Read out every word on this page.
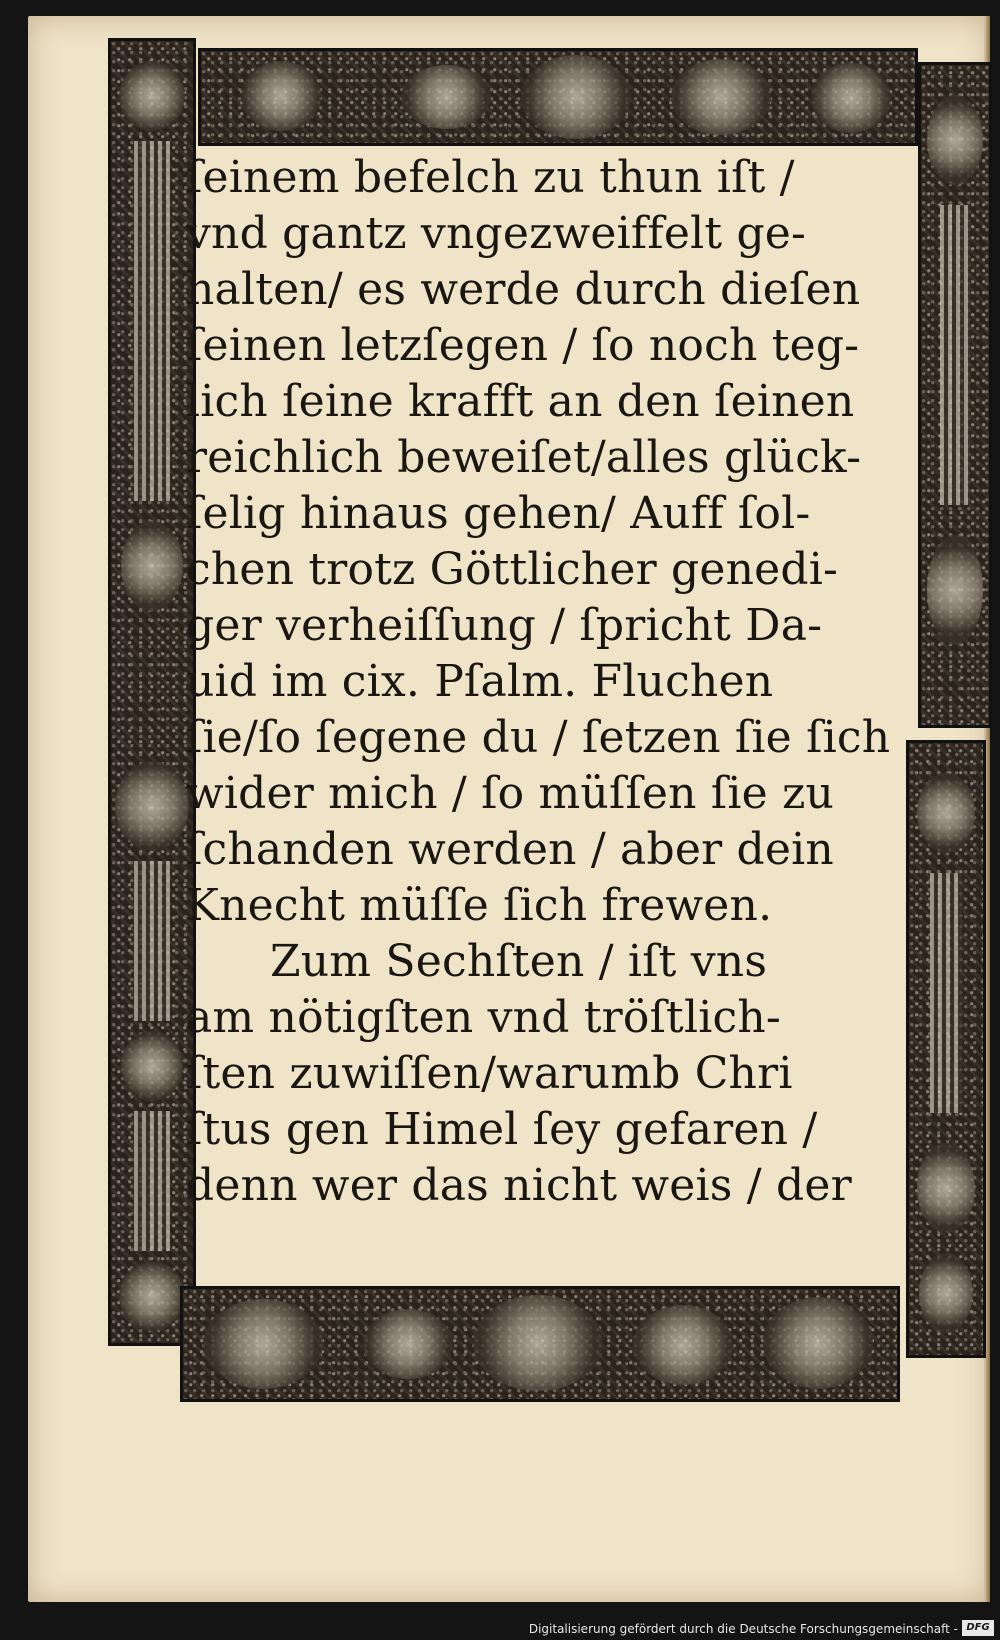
ſeinem befelch zu thun iſt /
vnd gantz vngezweiffelt ge-
halten/ es werde durch dieſen
ſeinen letzſegen / ſo noch teg-
lich ſeine krafft an den ſeinen
reichlich beweiſet/alles glück-
ſelig hinaus gehen/ Auff ſol-
chen trotz Göttlicher genedi-
ger verheiſſung / ſpricht Da-
uid im cix. Pſalm. Fluchen
ſie/ſo ſegene du / ſetzen ſie ſich
wider mich / ſo müſſen ſie zu
ſchanden werden / aber dein
Knecht müſſe ſich frewen.
Zum Sechſten / iſt vns
am nötigſten vnd tröſtlich-
ſten zuwiſſen/warumb Chri
ſtus gen Himel ſey gefaren /
denn wer das nicht weis / der
Digitalisierung gefördert durch die Deutsche Forschungsgemeinschaft - DFG
